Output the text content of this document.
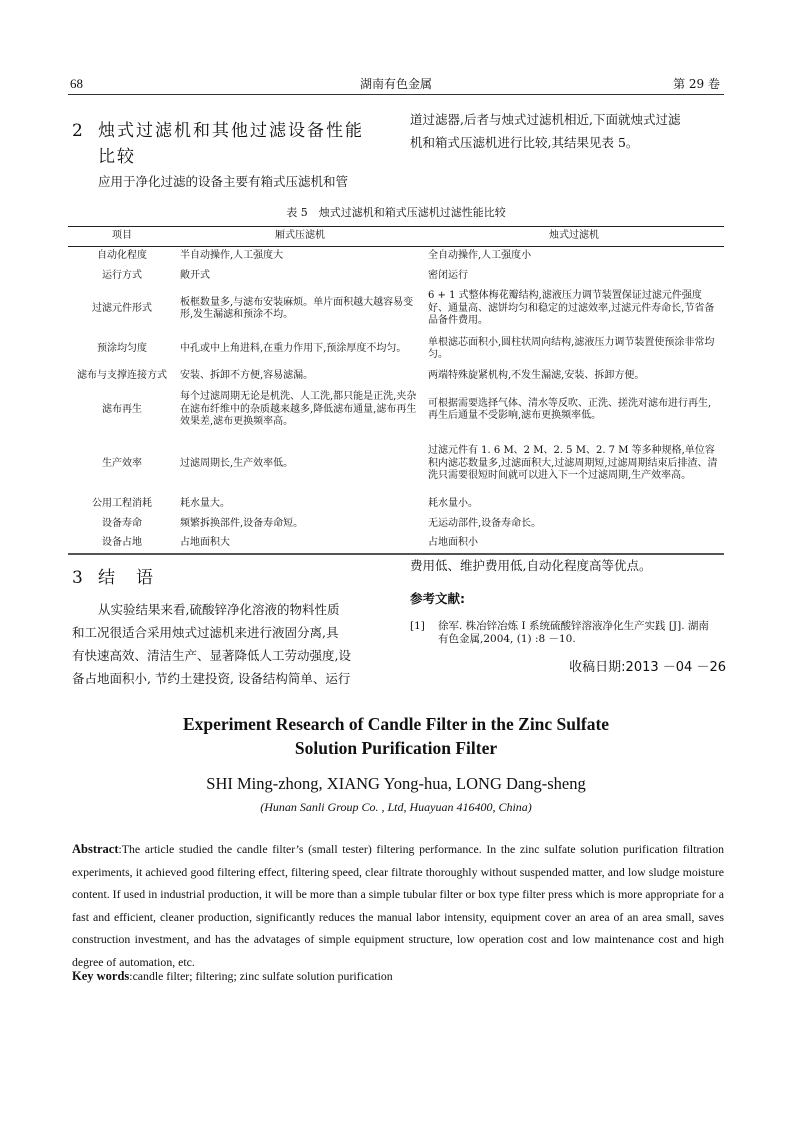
68	湖南有色金属	第 29 卷
2 烛式过滤机和其他过滤设备性能
比较
应用于净化过滤的设备主要有箱式压滤机和管
道过滤器,后者与烛式过滤机相近,下面就烛式过滤
机和箱式压滤机进行比较,其结果见表 5。
表 5　烛式过滤机和箱式压滤机过滤性能比较
项目	厢式压滤机	烛式过滤机
自动化程度	半自动操作,人工强度大	全自动操作,人工强度小
运行方式	敞开式	密闭运行
过滤元件形式	板框数量多,与滤布安装麻烦。单片面积越大越容易变形,发生漏滤和预涂不均。	6 + 1 式整体梅花瓣结构,滤液压力调节装置保证过滤元件强度好、通量高、滤饼均匀和稳定的过滤效率,过滤元件寿命长,节省备品备件费用。
预涂均匀度	中孔或中上角进料,在重力作用下,预涂厚度不均匀。	单根滤芯面积小,圆柱状周向结构,滤液压力调节装置使预涂非常均匀。
滤布与支撑连接方式	安装、拆卸不方便,容易滤漏。	两端特殊旋紧机构,不发生漏滤,安装、拆卸方便。
滤布再生	每个过滤周期无论是机洗、人工洗,都只能是正洗,夹杂在滤布纤维中的杂质越来越多,降低滤布通量,滤布再生效果差,滤布更换频率高。	可根据需要选择气体、清水等反吹、正洗、搓洗对滤布进行再生,再生后通量不受影响,滤布更换频率低。
生产效率	过滤周期长,生产效率低。	过滤元件有 1. 6 M、2 M、2. 5 M、2. 7 M 等多种规格,单位容积内滤芯数量多,过滤面积大,过滤周期短,过滤周期结束后排渣、清洗只需要很短时间就可以进入下一个过滤周期,生产效率高。
公用工程消耗	耗水量大。	耗水量小。
设备寿命	频繁拆换部件,设备寿命短。	无运动部件,设备寿命长。
设备占地	占地面积大	占地面积小
3 结　语
从实验结果来看,硫酸锌净化溶液的物料性质
和工况很适合采用烛式过滤机来进行液固分离,具
有快速高效、清洁生产、显著降低人工劳动强度,设
备占地面积小, 节约土建投资, 设备结构简单、运行
费用低、维护费用低,自动化程度高等优点。
参考文献:
[1] 徐军. 株冶锌冶炼 I 系统硫酸锌溶液净化生产实践 [J]. 湖南
有色金属,2004, (1) :8 －10.
收稿日期:2013 －04 －26
Experiment Research of Candle Filter in the Zinc Sulfate
Solution Purification Filter
SHI Ming-zhong, XIANG Yong-hua, LONG Dang-sheng
(Hunan Sanli Group Co. , Ltd, Huayuan 416400, China)
Abstract:The article studied the candle filter’s (small tester) filtering performance. In the zinc sulfate solution purification filtration experiments, it achieved good filtering effect, filtering speed, clear filtrate thoroughly without suspended matter, and low sludge moisture content. If used in industrial production, it will be more than a simple tubular filter or box type filter press which is more appropriate for a fast and efficient, cleaner production, significantly reduces the manual labor intensity, equipment cover an area of an area small, saves construction investment, and has the advatages of simple equipment structure, low operation cost and low maintenance cost and high degree of automation, etc.
Key words:candle filter; filtering; zinc sulfate solution purification
